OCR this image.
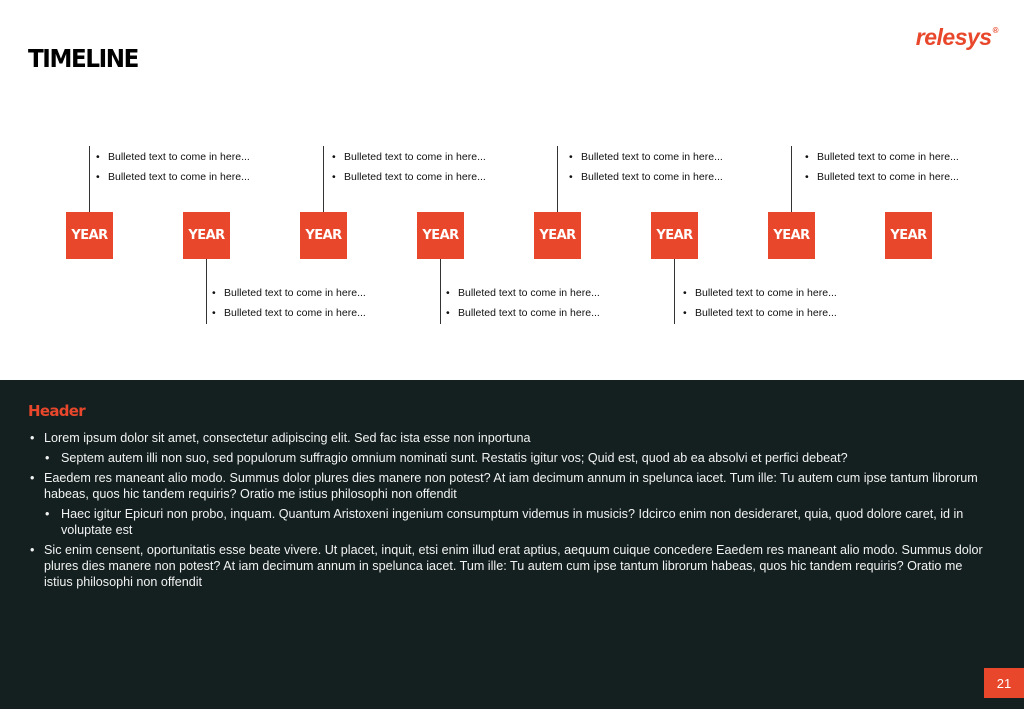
TIMELINE
relesys®
YEAR	YEAR	YEAR	YEAR	YEAR	YEAR	YEAR	YEAR
• Bulleted text to come in here...
• Bulleted text to come in here...
• Bulleted text to come in here...
• Bulleted text to come in here...
• Bulleted text to come in here...
• Bulleted text to come in here...
• Bulleted text to come in here...
• Bulleted text to come in here...
• Bulleted text to come in here...
• Bulleted text to come in here...
• Bulleted text to come in here...
• Bulleted text to come in here...
• Bulleted text to come in here...
• Bulleted text to come in here...
Header
• Lorem ipsum dolor sit amet, consectetur adipiscing elit. Sed fac ista esse non inportuna
• Septem autem illi non suo, sed populorum suffragio omnium nominati sunt. Restatis igitur vos; Quid est, quod ab ea absolvi et perfici debeat?
• Eaedem res maneant alio modo. Summus dolor plures dies manere non potest? At iam decimum annum in spelunca iacet. Tum ille: Tu autem cum ipse tantum librorum habeas, quos hic tandem requiris? Oratio me istius philosophi non offendit
• Haec igitur Epicuri non probo, inquam. Quantum Aristoxeni ingenium consumptum videmus in musicis? Idcirco enim non desideraret, quia, quod dolore caret, id in voluptate est
• Sic enim censent, oportunitatis esse beate vivere. Ut placet, inquit, etsi enim illud erat aptius, aequum cuique concedere Eaedem res maneant alio modo. Summus dolor plures dies manere non potest? At iam decimum annum in spelunca iacet. Tum ille: Tu autem cum ipse tantum librorum habeas, quos hic tandem requiris? Oratio me istius philosophi non offendit
21
